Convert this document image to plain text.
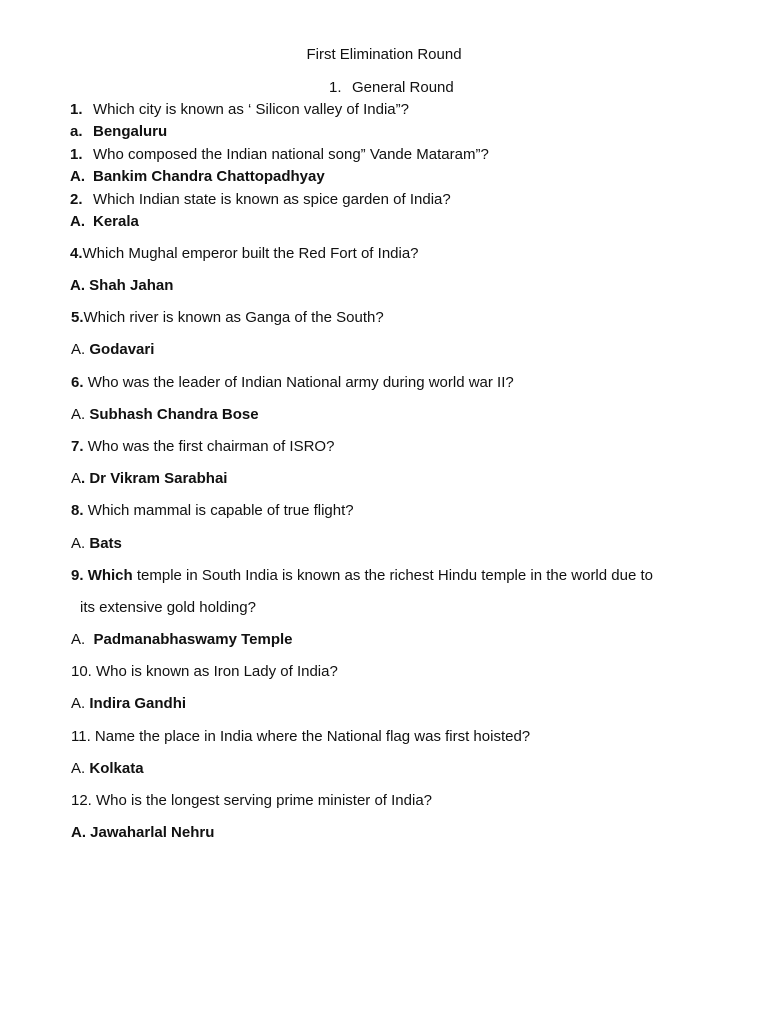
First Elimination Round
1. General Round
1. Which city is known as ‘ Silicon valley of India”?
a. Bengaluru
1. Who composed the Indian national song” Vande Mataram”?
A. Bankim Chandra Chattopadhyay
2. Which Indian state is known as spice garden of India?
A. Kerala
4.Which Mughal emperor built the Red Fort of India?
A. Shah Jahan
5.Which river is known as Ganga of the South?
A. Godavari
6. Who was the leader of Indian National army during world war II?
A. Subhash Chandra Bose
7. Who was the first chairman of ISRO?
A. Dr Vikram Sarabhai
8. Which mammal is capable of true flight?
A. Bats
9. Which temple in South India is known as the richest Hindu temple in the world due to
its extensive gold holding?
A. Padmanabhaswamy Temple
10. Who is known as Iron Lady of India?
A. Indira Gandhi
11. Name the place in India where the National flag was first hoisted?
A. Kolkata
12. Who is the longest serving prime minister of India?
A. Jawaharlal Nehru
